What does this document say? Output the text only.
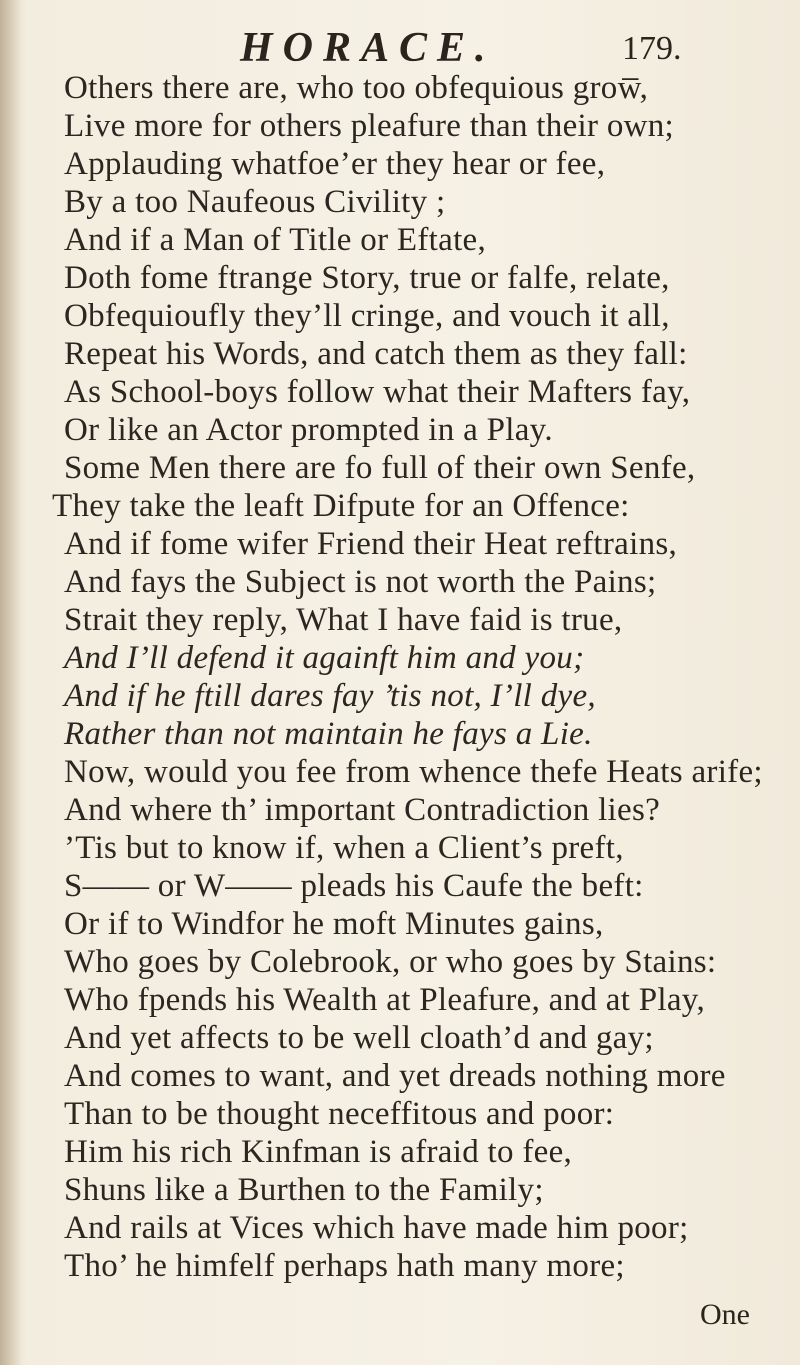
HORACE.	179.
Others there are, who too obfequious grow̅,
Live more for others pleafure than their own;
Applauding whatfoe’er they hear or fee,
By a too Naufeous Civility ;
And if a Man of Title or Eftate,
Doth fome ftrange Story, true or falfe, relate,
Obfequioufly they’ll cringe, and vouch it all,
Repeat his Words, and catch them as they fall:
As School-boys follow what their Mafters fay,
Or like an Actor prompted in a Play.
Some Men there are fo full of their own Senfe,
They take the leaft Difpute for an Offence:
And if fome wifer Friend their Heat reftrains,
And fays the Subject is not worth the Pains;
Strait they reply, What I have faid is true,
And I’ll defend it againft him and you;
And if he ftill dares fay ’tis not, I’ll dye,
Rather than not maintain he fays a Lie.
Now, would you fee from whence thefe Heats arife;
And where th’ important Contradiction lies?
’Tis but to know if, when a Client’s preft,
S—— or W—— pleads his Caufe the beft:
Or if to Windfor he moft Minutes gains,
Who goes by Colebrook, or who goes by Stains:
Who fpends his Wealth at Pleafure, and at Play,
And yet affects to be well cloath’d and gay;
And comes to want, and yet dreads nothing more
Than to be thought neceffitous and poor:
Him his rich Kinfman is afraid to fee,
Shuns like a Burthen to the Family;
And rails at Vices which have made him poor;
Tho’ he himfelf perhaps hath many more;
One
